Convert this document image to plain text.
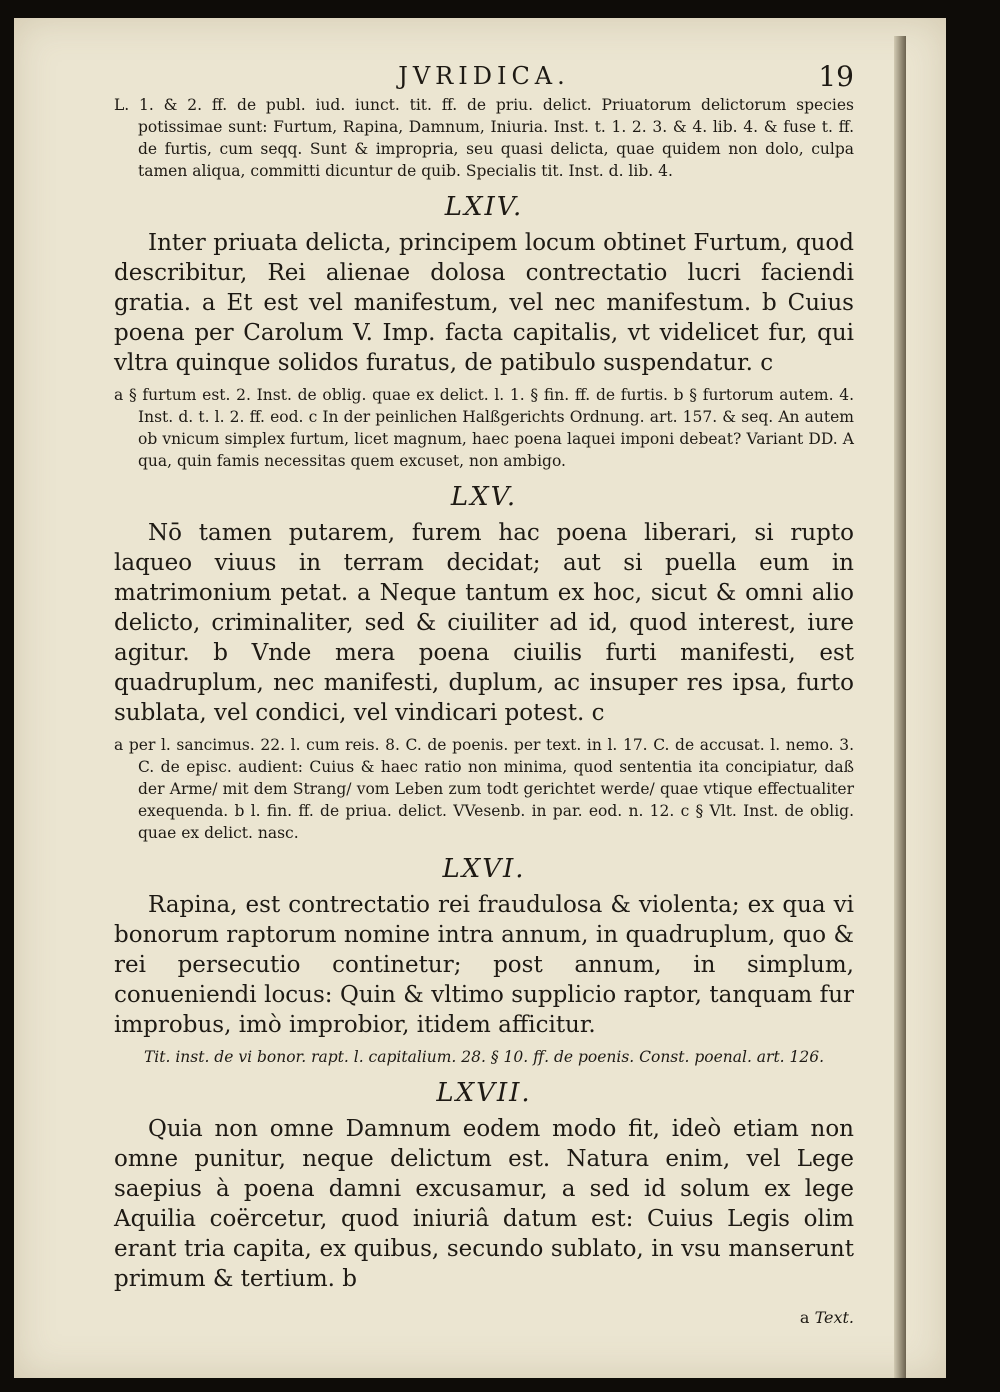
JVRIDICA.	19
L. 1. & 2. ff. de publ. iud. iunct. tit. ff. de priu. delict. Priuatorum delictorum species potissimae sunt: Furtum, Rapina, Damnum, Iniuria. Inst. t. 1. 2. 3. & 4. lib. 4. & fuse t. ff. de furtis, cum seqq. Sunt & impropria, seu quasi delicta, quae quidem non dolo, culpa tamen aliqua, committi dicuntur de quib. Specialis tit. Inst. d. lib. 4.
LXIV.

Inter priuata delicta, principem locum obtinet Furtum, quod describitur, Rei alienae dolosa contrectatio lucri faciendi gratia. a Et est vel manifestum, vel nec manifestum. b Cuius poena per Carolum V. Imp. facta capitalis, vt videlicet fur, qui vltra quinque solidos furatus, de patibulo suspendatur. c

a § furtum est. 2. Inst. de oblig. quae ex delict. l. 1. § fin. ff. de furtis. b § furtorum autem. 4. Inst. d. t. l. 2. ff. eod. c In der peinlichen Halßgerichts Ordnung. art. 157. & seq. An autem ob vnicum simplex furtum, licet magnum, haec poena laquei imponi debeat? Variant DD. A qua, quin famis necessitas quem excuset, non ambigo.
LXV.

Nō tamen putarem, furem hac poena liberari, si rupto laqueo viuus in terram decidat; aut si puella eum in matrimonium petat. a Neque tantum ex hoc, sicut & omni alio delicto, criminaliter, sed & ciuiliter ad id, quod interest, iure agitur. b Vnde mera poena ciuilis furti manifesti, est quadruplum, nec manifesti, duplum, ac insuper res ipsa, furto sublata, vel condici, vel vindicari potest. c

a per l. sancimus. 22. l. cum reis. 8. C. de poenis. per text. in l. 17. C. de accusat. l. nemo. 3. C. de episc. audient: Cuius & haec ratio non minima, quod sententia ita concipiatur, daß der Arme/ mit dem Strang/ vom Leben zum todt gerichtet werde/ quae vtique effectualiter exequenda. b l. fin. ff. de priua. delict. VVesenb. in par. eod. n. 12. c § Vlt. Inst. de oblig. quae ex delict. nasc.
LXVI.

Rapina, est contrectatio rei fraudulosa & violenta; ex qua vi bonorum raptorum nomine intra annum, in quadruplum, quo & rei persecutio continetur; post annum, in simplum, conueniendi locus: Quin & vltimo supplicio raptor, tanquam fur improbus, imò improbior, itidem afficitur.

Tit. inst. de vi bonor. rapt. l. capitalium. 28. § 10. ff. de poenis. Const. poenal. art. 126.
LXVII.

Quia non omne Damnum eodem modo fit, ideò etiam non omne punitur, neque delictum est. Natura enim, vel Lege saepius à poena damni excusamur, a sed id solum ex lege Aquilia coërcetur, quod iniuriâ datum est: Cuius Legis olim erant tria capita, ex quibus, secundo sublato, in vsu manserunt primum & tertium. b

a Text.
